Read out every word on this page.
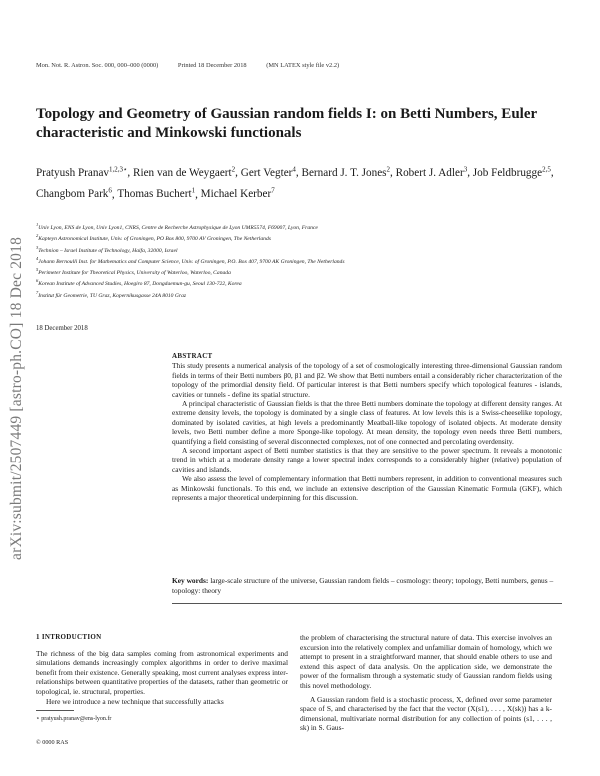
Mon. Not. R. Astron. Soc. 000, 000–000 (0000)	Printed 18 December 2018	(MN LATEX style file v2.2)
arXiv:submit/2507449 [astro-ph.CO] 18 Dec 2018
Topology and Geometry of Gaussian random fields I: on Betti Numbers, Euler characteristic and Minkowski functionals
Pratyush Pranav$^{1,2,3⋆}$, Rien van de Weygaert$^2$, Gert Vegter$^4$, Bernard J. T. Jones$^2$, Robert J. Adler$^3$, Job Feldbrugge$^{2,5}$, Changbom Park$^6$, Thomas Buchert$^1$, Michael Kerber$^7$
$^1$Univ Lyon, ENS de Lyon, Univ Lyon1, CNRS, Centre de Recherche Astrophysique de Lyon UMR5574, F69007, Lyon, France
$^2$Kapteyn Astronomical Institute, Univ. of Groningen, PO Box 800, 9700 AV Groningen, The Netherlands
$^3$Technion – Israel Institute of Technology, Haifa, 32000, Israel
$^4$Johann Bernoulli Inst. for Mathematics and Computer Science, Univ. of Groningen, P.O. Box 407, 9700 AK Groningen, The Netherlands
$^5$Perimeter Institute for Theoretical Physics, University of Waterloo, Waterloo, Canada
$^6$Korean Institute of Advanced Studies, Hoegiro 87, Dongdaemun-gu, Seoul 130-722, Korea
$^7$Institut für Geometrie, TU Graz, Kopernikusgasse 24A 8010 Graz
18 December 2018
ABSTRACT

This study presents a numerical analysis of the topology of a set of cosmologically interesting three-dimensional Gaussian random fields in terms of their Betti numbers β0, β1 and β2. We show that Betti numbers entail a considerably richer characterization of the topology of the primordial density field. Of particular interest is that Betti numbers specify which topological features - islands, cavities or tunnels - define its spatial structure.

A principal characteristic of Gaussian fields is that the three Betti numbers dominate the topology at different density ranges. At extreme density levels, the topology is dominated by a single class of features. At low levels this is a Swiss-cheeselike topology, dominated by isolated cavities, at high levels a predominantly Meatball-like topology of isolated objects. At moderate density levels, two Betti number define a more Sponge-like topology. At mean density, the topology even needs three Betti numbers, quantifying a field consisting of several disconnected complexes, not of one connected and percolating overdensity.

A second important aspect of Betti number statistics is that they are sensitive to the power spectrum. It reveals a monotonic trend in which at a moderate density range a lower spectral index corresponds to a considerably higher (relative) population of cavities and islands.

We also assess the level of complementary information that Betti numbers represent, in addition to conventional measures such as Minkowski functionals. To this end, we include an extensive description of the Gaussian Kinematic Formula (GKF), which represents a major theoretical underpinning for this discussion.

Key words: large-scale structure of the universe, Gaussian random fields – cosmology: theory; topology, Betti numbers, genus – topology: theory
1 INTRODUCTION

The richness of the big data samples coming from astronomical experiments and simulations demands increasingly complex algorithms in order to derive maximal benefit from their existence. Generally speaking, most current analyses express inter-relationships between quantitative properties of the datasets, rather than geometric or topological, ie. structural, properties.

Here we introduce a new technique that successfully attacks

the problem of characterising the structural nature of data. This exercise involves an excursion into the relatively complex and unfamiliar domain of homology, which we attempt to present in a straightforward manner, that should enable others to use and extend this aspect of data analysis. On the application side, we demonstrate the power of the formalism through a systematic study of Gaussian random fields using this novel methodology.

A Gaussian random field is a stochastic process, X, defined over some parameter space of S, and characterised by the fact that the vector (X(s1), . . . , X(sk)) has a k-dimensional, multivariate normal distribution for any collection of points (s1, . . . , sk) in S. Gaus-

⋆ pratyush.pranav@ens-lyon.fr
© 0000 RAS
